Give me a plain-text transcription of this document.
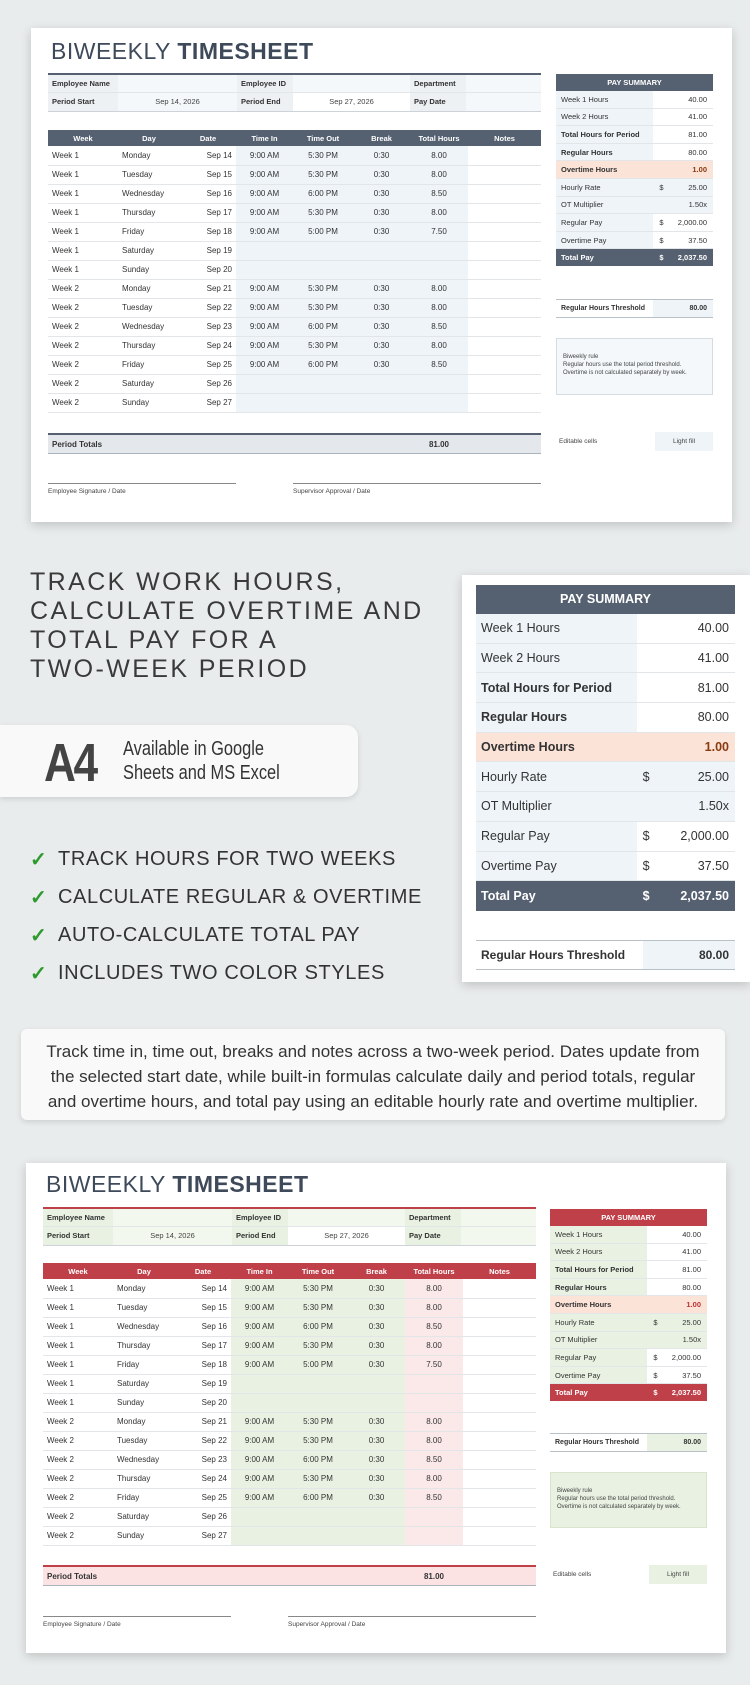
BIWEEKLY TIMESHEET
Employee Name	Employee ID	Department
Period Start	Sep 14, 2026	Period End	Sep 27, 2026	Pay Date
Week	Day	Date	Time In	Time Out	Break	Total Hours	Notes
Week 1	Monday	Sep 14	9:00 AM	5:30 PM	0:30	8.00	
Week 1	Tuesday	Sep 15	9:00 AM	5:30 PM	0:30	8.00	
Week 1	Wednesday	Sep 16	9:00 AM	6:00 PM	0:30	8.50	
Week 1	Thursday	Sep 17	9:00 AM	5:30 PM	0:30	8.00	
Week 1	Friday	Sep 18	9:00 AM	5:00 PM	0:30	7.50	
Week 1	Saturday	Sep 19					
Week 1	Sunday	Sep 20					
Week 2	Monday	Sep 21	9:00 AM	5:30 PM	0:30	8.00	
Week 2	Tuesday	Sep 22	9:00 AM	5:30 PM	0:30	8.00	
Week 2	Wednesday	Sep 23	9:00 AM	6:00 PM	0:30	8.50	
Week 2	Thursday	Sep 24	9:00 AM	5:30 PM	0:30	8.00	
Week 2	Friday	Sep 25	9:00 AM	6:00 PM	0:30	8.50	
Week 2	Saturday	Sep 26					
Week 2	Sunday	Sep 27					
Period Totals	81.00
Employee Signature / Date	Supervisor Approval / Date
PAY SUMMARY
Week 1 Hours	40.00
Week 2 Hours	41.00
Total Hours for Period	81.00
Regular Hours	80.00
Overtime Hours	1.00
Hourly Rate	$	25.00
OT Multiplier	1.50x
Regular Pay	$	2,000.00
Overtime Pay	$	37.50
Total Pay	$	2,037.50
Regular Hours Threshold	80.00
Biweekly rule
Regular hours use the total period threshold.
Overtime is not calculated separately by week.
Editable cells	Light fill
TRACK WORK HOURS,
CALCULATE OVERTIME AND
TOTAL PAY FOR A
TWO-WEEK PERIOD
A4 Available in Google
Sheets and MS Excel
✓ TRACK HOURS FOR TWO WEEKS
✓ CALCULATE REGULAR & OVERTIME
✓ AUTO-CALCULATE TOTAL PAY
✓ INCLUDES TWO COLOR STYLES
PAY SUMMARY
Week 1 Hours	40.00
Week 2 Hours	41.00
Total Hours for Period	81.00
Regular Hours	80.00
Overtime Hours	1.00
Hourly Rate	$	25.00
OT Multiplier	1.50x
Regular Pay	$	2,000.00
Overtime Pay	$	37.50
Total Pay	$	2,037.50
Regular Hours Threshold	80.00
Track time in, time out, breaks and notes across a two-week period. Dates update from the selected start date, while built-in formulas calculate daily and period totals, regular and overtime hours, and total pay using an editable hourly rate and overtime multiplier.
BIWEEKLY TIMESHEET
Employee Name	Employee ID	Department
Period Start	Sep 14, 2026	Period End	Sep 27, 2026	Pay Date
Week	Day	Date	Time In	Time Out	Break	Total Hours	Notes
Week 1	Monday	Sep 14	9:00 AM	5:30 PM	0:30	8.00	
Week 1	Tuesday	Sep 15	9:00 AM	5:30 PM	0:30	8.00	
Week 1	Wednesday	Sep 16	9:00 AM	6:00 PM	0:30	8.50	
Week 1	Thursday	Sep 17	9:00 AM	5:30 PM	0:30	8.00	
Week 1	Friday	Sep 18	9:00 AM	5:00 PM	0:30	7.50	
Week 1	Saturday	Sep 19					
Week 1	Sunday	Sep 20					
Week 2	Monday	Sep 21	9:00 AM	5:30 PM	0:30	8.00	
Week 2	Tuesday	Sep 22	9:00 AM	5:30 PM	0:30	8.00	
Week 2	Wednesday	Sep 23	9:00 AM	6:00 PM	0:30	8.50	
Week 2	Thursday	Sep 24	9:00 AM	5:30 PM	0:30	8.00	
Week 2	Friday	Sep 25	9:00 AM	6:00 PM	0:30	8.50	
Week 2	Saturday	Sep 26					
Week 2	Sunday	Sep 27					
Period Totals	81.00
Employee Signature / Date	Supervisor Approval / Date
PAY SUMMARY
Week 1 Hours	40.00
Week 2 Hours	41.00
Total Hours for Period	81.00
Regular Hours	80.00
Overtime Hours	1.00
Hourly Rate	$	25.00
OT Multiplier	1.50x
Regular Pay	$	2,000.00
Overtime Pay	$	37.50
Total Pay	$	2,037.50
Regular Hours Threshold	80.00
Biweekly rule
Regular hours use the total period threshold.
Overtime is not calculated separately by week.
Editable cells	Light fill
